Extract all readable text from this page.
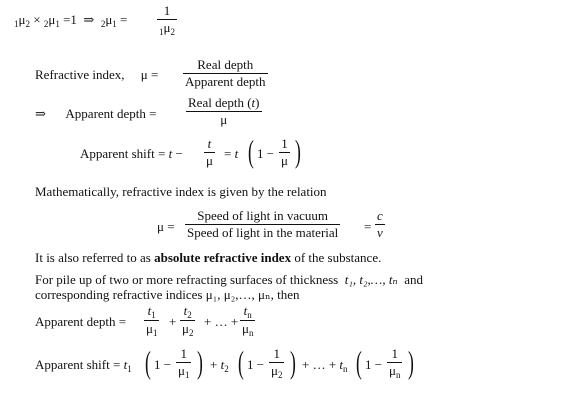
$_1\mu_2 \times _2\mu_1 =1$ ⇒ $_2\mu_1 = \frac{1}{_1\mu_2}$
Refractive index, μ =
Real depth
Apparent depth
⇒ Apparent depth =
Real depth (t)
μ
Apparent shift = $t - \frac{t}{\mu} = t$ ( $1 - \frac{1}{\mu}$ )
Mathematically, refractive index is given by the relation
μ =
Speed of light in vacuum
Speed of light in the material = $\frac{c}{v}$
It is also referred to as absolute refractive index of the substance.
For pile up of two or more refracting surfaces of thickness t₁, t₂,…, tₙ and
corresponding refractive indices μ₁, μ₂,…, μₙ, then
Apparent depth = $\frac{t_1}{\mu_1} + \frac{t_2}{\mu_2}$ + … + $\frac{t_n}{\mu_n}$
Apparent shift = $t_1$ ( $1 - \frac{1}{\mu_1}$ ) + $t_2$ ( $1 - \frac{1}{\mu_2}$ ) + … + $t_n$ ( $1 - \frac{1}{\mu_n}$ )
